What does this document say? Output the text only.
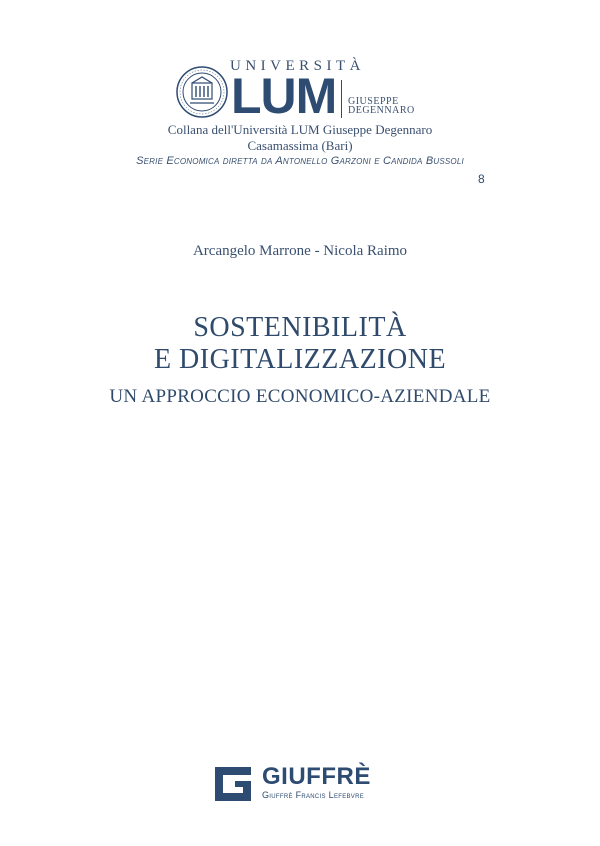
UNIVERSITÀ
LUM GIUSEPPE
DEGENNARO
Collana dell'Università LUM Giuseppe Degennaro
Casamassima (Bari)
Serie Economica diretta da Antonello Garzoni e Candida Bussoli
8
Arcangelo Marrone - Nicola Raimo
SOSTENIBILITÀ
E DIGITALIZZAZIONE
UN APPROCCIO ECONOMICO-AZIENDALE
GIUFFRÈ
Giuffrè Francis Lefebvre
